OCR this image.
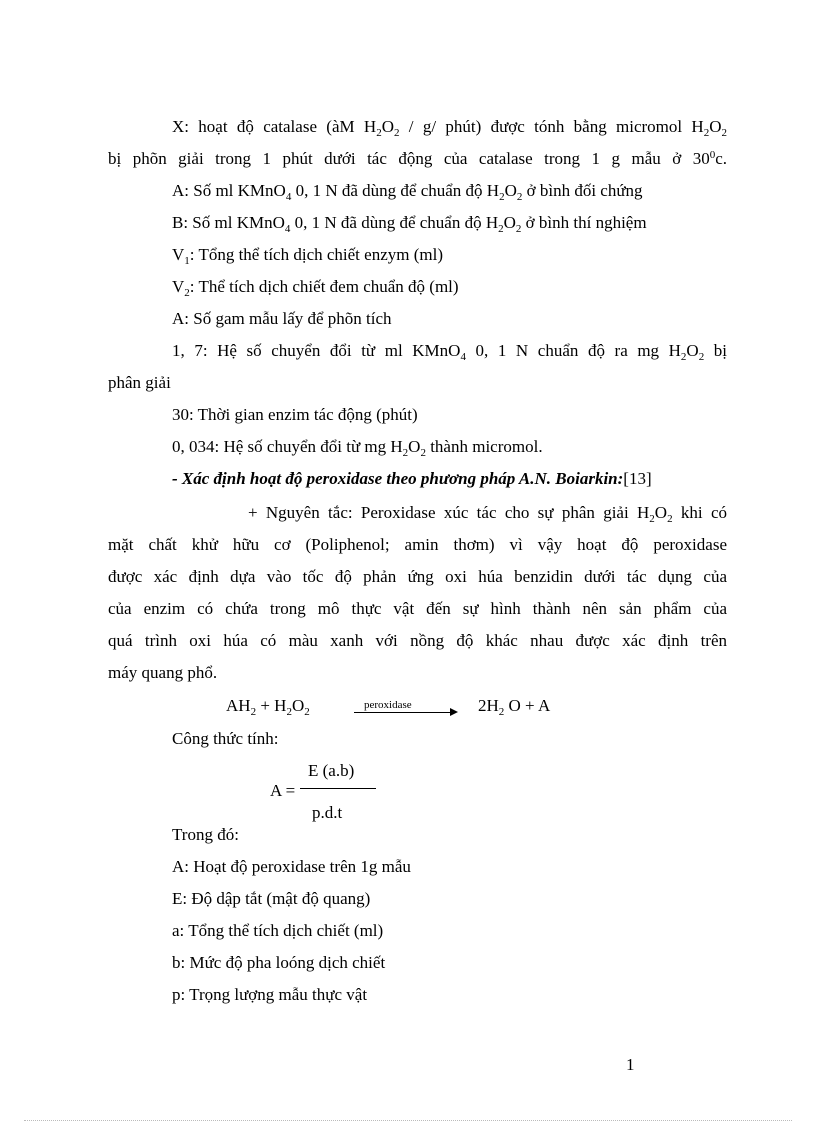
X: hoạt độ catalase (àM $H_2O_2 / g/$ phút) được tónh bằng micromol $H_2O_2$
bị phõn giải trong 1 phút dưới tác động của catalase trong 1 g mẫu ở $30^0c$.
A: Số ml KMnO$_4$ 0, 1 N đã dùng để chuẩn độ $H_2O_2$ ở bình đối chứng
B: Số ml KMnO$_4$ 0, 1 N đã dùng để chuẩn độ $H_2O_2$ ở bình thí nghiệm
$V_1$: Tổng thể tích dịch chiết enzym (ml)
$V_2$: Thể tích dịch chiết đem chuẩn độ (ml)
A: Số gam mẫu lấy để phõn tích
1, 7: Hệ số chuyển đổi từ ml KMnO$_4$ 0, 1 N chuẩn độ ra mg $H_2O_2$ bị
phân giải
30: Thời gian enzim tác động (phút)
0, 034: Hệ số chuyển đổi từ mg $H_2O_2$ thành micromol.
- Xác định hoạt độ peroxidase theo phương pháp A.N. Boiarkin:[13]
+ Nguyên tắc: Peroxidase xúc tác cho sự phân giải $H_2O_2$ khi có
mặt chất khử hữu cơ (Poliphenol; amin thơm) vì vậy hoạt độ peroxidase
được xác định dựa vào tốc độ phản ứng oxi húa benzidin dưới tác dụng của
của enzim có chứa trong mô thực vật đến sự hình thành nên sản phẩm của
quá trình oxi húa có màu xanh với nồng độ khác nhau được xác định trên
máy quang phổ.
$AH_2 + H_2O_2$
peroxidase	$2H_2$ O + A
Công thức tính:
E (a.b)
A =
p.d.t
Trong đó:
A: Hoạt độ peroxidase trên 1g mẫu
E: Độ dập tắt (mật độ quang)
a: Tổng thể tích dịch chiết (ml)
b: Mức độ pha loóng dịch chiết
p: Trọng lượng mẫu thực vật
1
